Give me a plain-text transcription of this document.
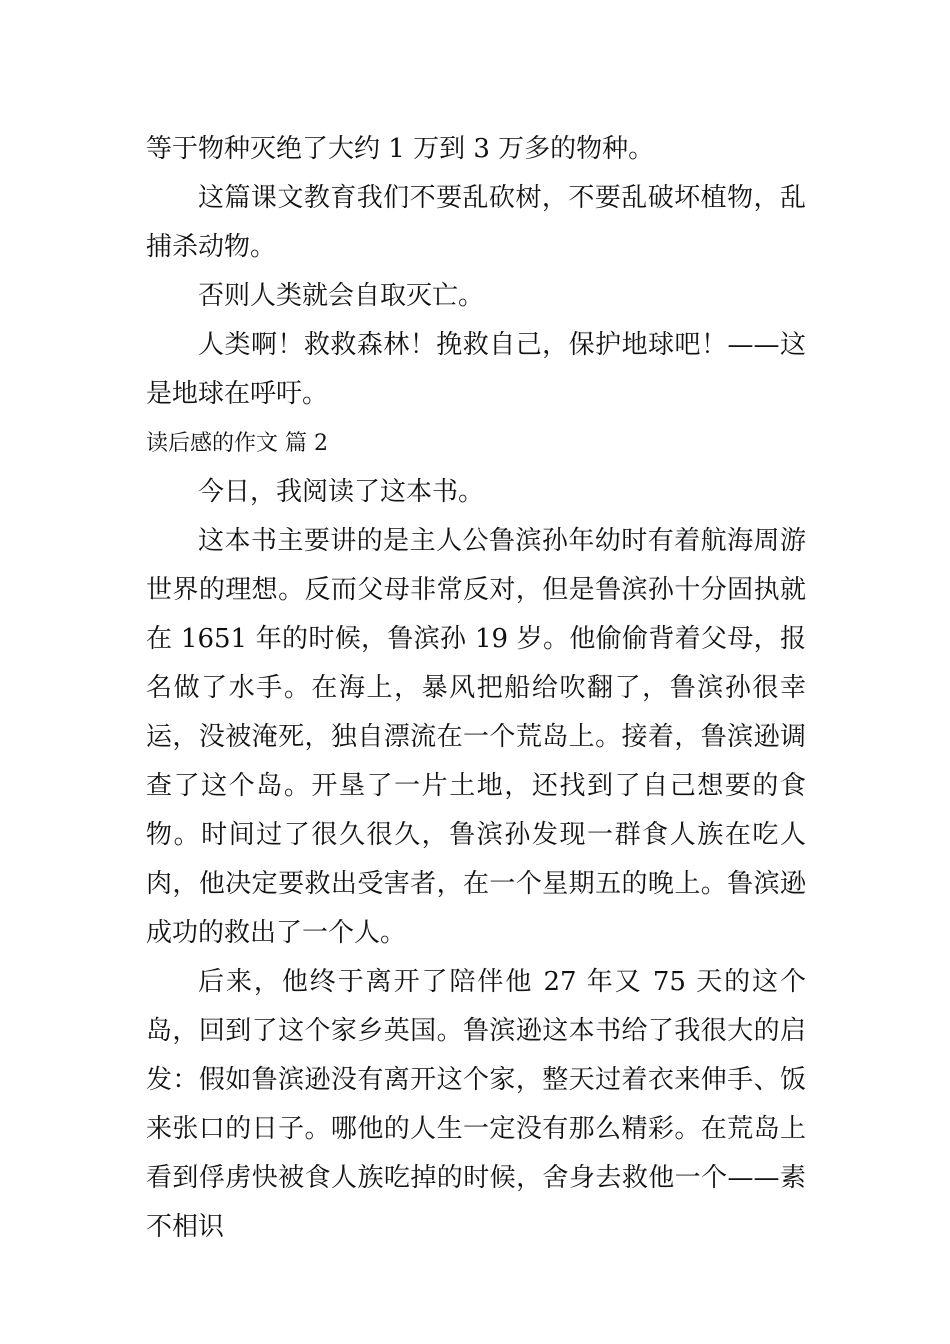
等于物种灭绝了大约 1 万到 3 万多的物种。

这篇课文教育我们不要乱砍树，不要乱破坏植物，乱捕杀动物。

否则人类就会自取灭亡。

人类啊！救救森林！挽救自己，保护地球吧！——这是地球在呼吁。

读后感的作文 篇 2

今日，我阅读了这本书。

这本书主要讲的是主人公鲁滨孙年幼时有着航海周游世界的理想。反而父母非常反对，但是鲁滨孙十分固执就在 1651 年的时候，鲁滨孙 19 岁。他偷偷背着父母，报名做了水手。在海上，暴风把船给吹翻了，鲁滨孙很幸运，没被淹死，独自漂流在一个荒岛上。接着，鲁滨逊调查了这个岛。开垦了一片土地，还找到了自己想要的食物。时间过了很久很久，鲁滨孙发现一群食人族在吃人肉，他决定要救出受害者，在一个星期五的晚上。鲁滨逊成功的救出了一个人。

后来，他终于离开了陪伴他 27 年又 75 天的这个岛，回到了这个家乡英国。鲁滨逊这本书给了我很大的启发：假如鲁滨逊没有离开这个家，整天过着衣来伸手、饭来张口的日子。哪他的人生一定没有那么精彩。在荒岛上看到俘虏快被食人族吃掉的时候，舍身去救他一个——素不相识
